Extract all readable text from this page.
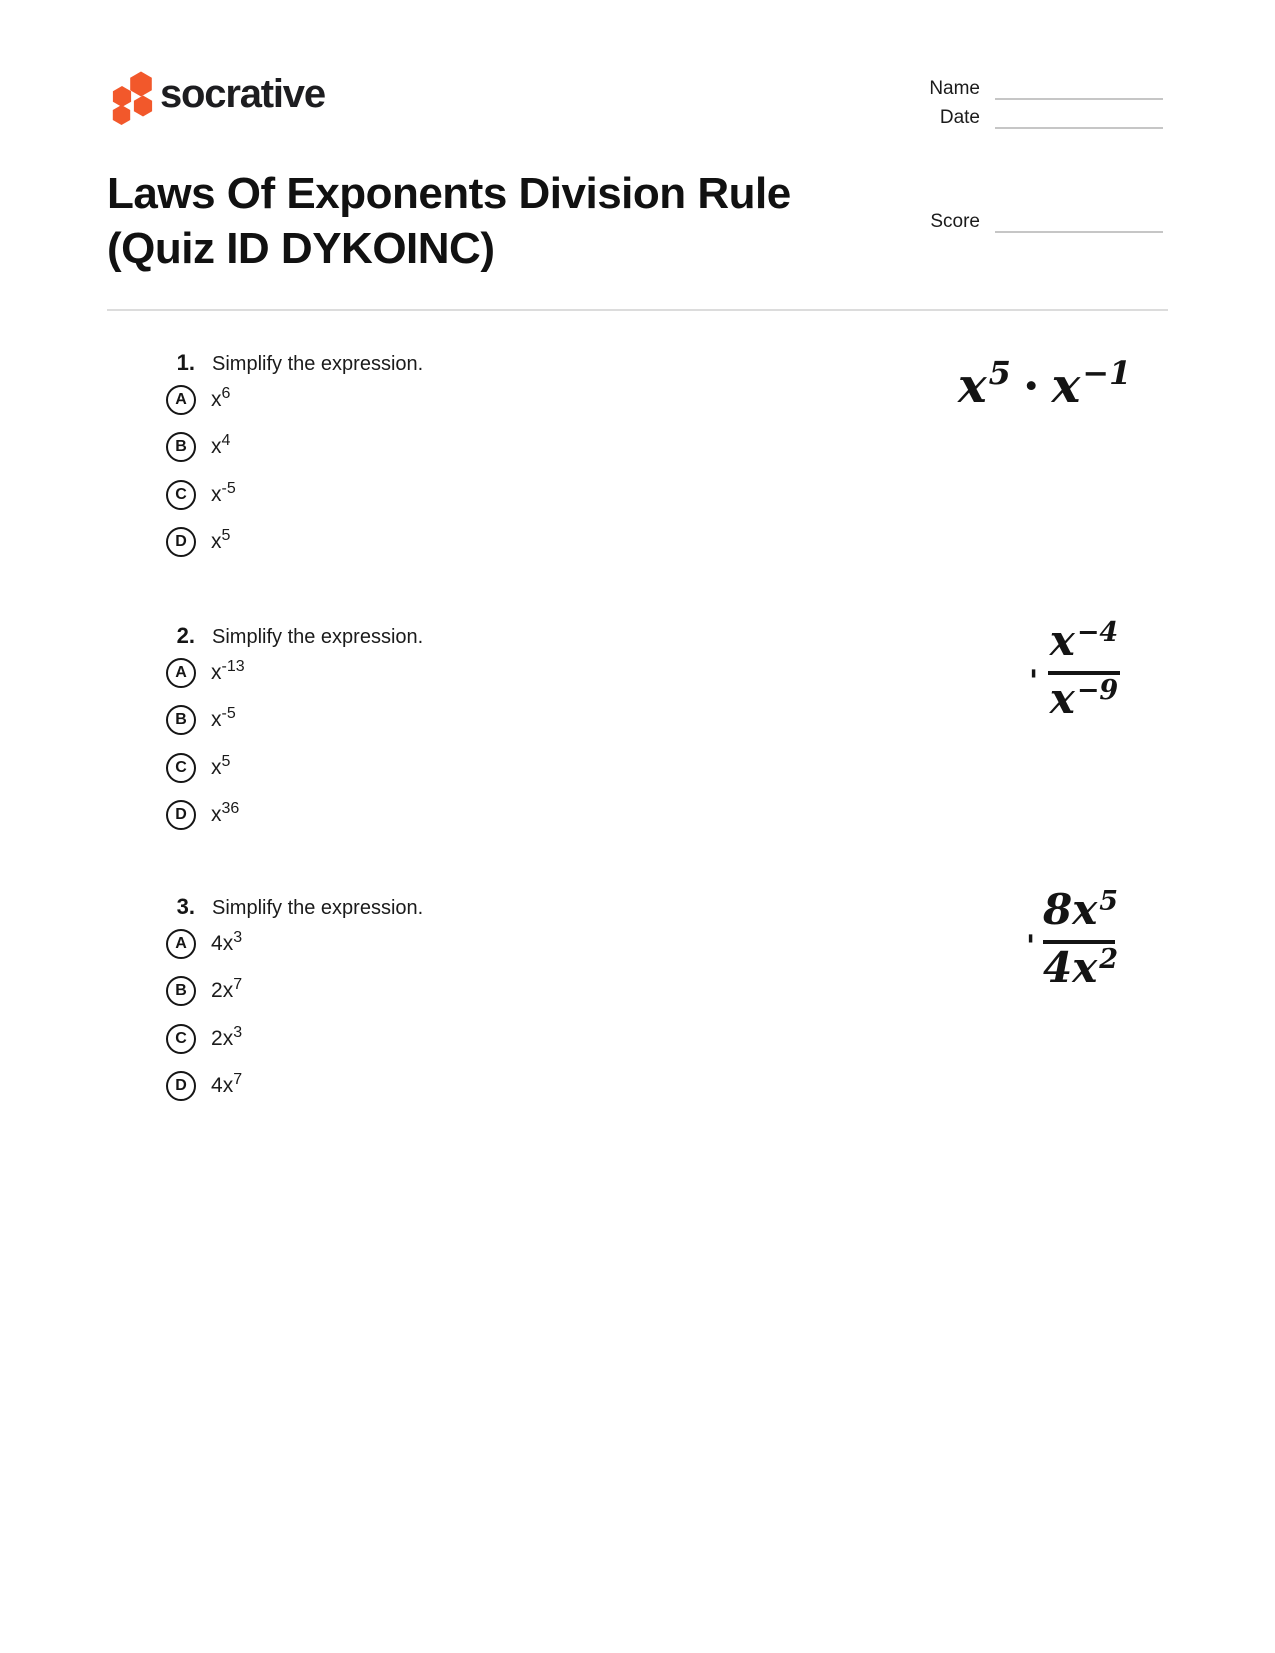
socrative	Name
Date
Score
Laws Of Exponents Division Rule
(Quiz ID DYKOINC)
1. Simplify the expression.
A $x^6$
B $x^4$
C $x^{-5}$
D $x^5$
$x^5 \cdot x^{-1}$
2. Simplify the expression.
A $x^{-13}$
B $x^{-5}$
C $x^5$
D $x^{36}$
'
$x^{-4}$
$x^{-9}$
3. Simplify the expression.
A $4x^3$
B $2x^7$
C $2x^3$
D $4x^7$
'
$8x^5$
$4x^2$
